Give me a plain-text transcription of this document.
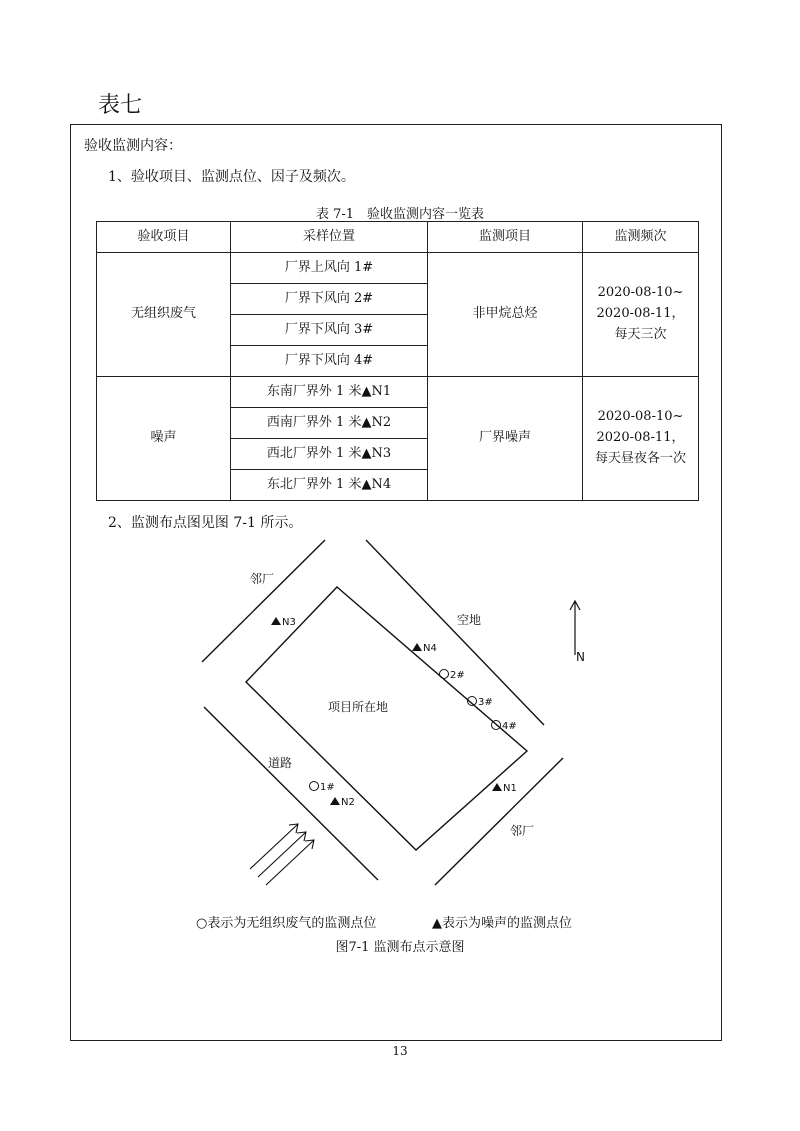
表七
验收监测内容：
1、验收项目、监测点位、因子及频次。
表 7-1　验收监测内容一览表
验收项目	采样位置	监测项目	监测频次
无组织废气	厂界上风向 1#	非甲烷总烃	2020-08-10~ 2020-08-11，每天三次
	厂界下风向 2#		
	厂界下风向 3#		
	厂界下风向 4#		
噪声	东南厂界外 1 米▲N1	厂界噪声	2020-08-10~ 2020-08-11，每天昼夜各一次
	西南厂界外 1 米▲N2		
	西北厂界外 1 米▲N3		
	东北厂界外 1 米▲N4		
2、监测布点图见图 7-1 所示。
N
邻厂
空地
项目所在地
道路
邻厂
N3
N4
N1
N2
2#
3#
4#
1#
○表示为无组织废气的监测点位	▲表示为噪声的监测点位
图7-1 监测布点示意图
13
